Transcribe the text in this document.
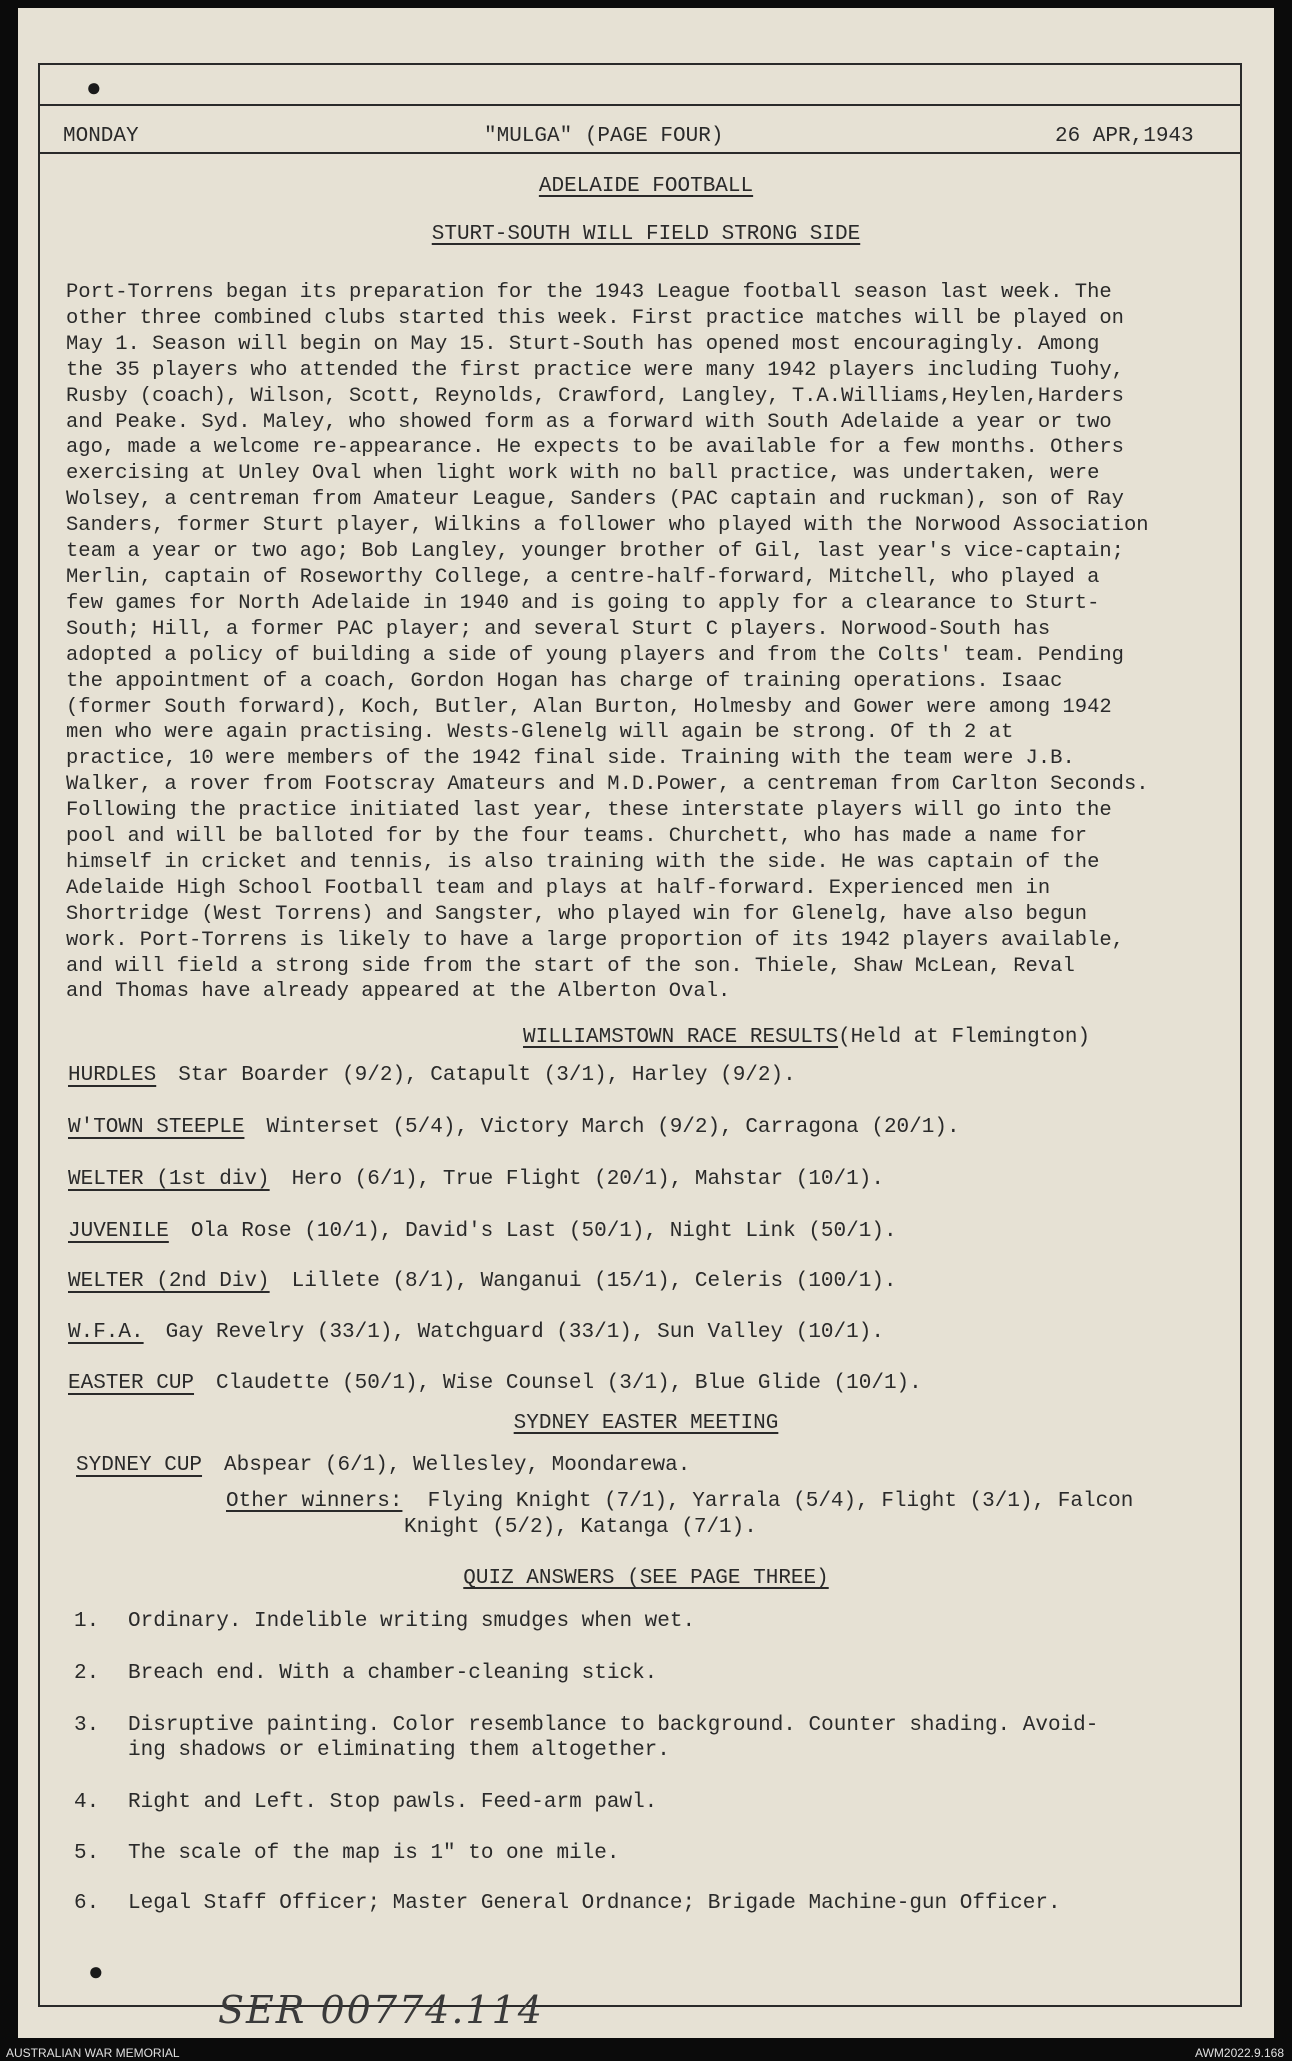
●
MONDAY	"MULGA" (PAGE FOUR)	26 APR,1943
ADELAIDE FOOTBALL
STURT-SOUTH WILL FIELD STRONG SIDE
Port-Torrens began its preparation for the 1943 League football season last week. The
other three combined clubs started this week. First practice matches will be played on
May 1. Season will begin on May 15. Sturt-South has opened most encouragingly. Among
the 35 players who attended the first practice were many 1942 players including Tuohy,
Rusby (coach), Wilson, Scott, Reynolds, Crawford, Langley, T.A.Williams,Heylen,Harders
and Peake. Syd. Maley, who showed form as a forward with South Adelaide a year or two
ago, made a welcome re-appearance. He expects to be available for a few months. Others
exercising at Unley Oval when light work with no ball practice, was undertaken, were
Wolsey, a centreman from Amateur League, Sanders (PAC captain and ruckman), son of Ray
Sanders, former Sturt player, Wilkins a follower who played with the Norwood Association
team a year or two ago; Bob Langley, younger brother of Gil, last year's vice-captain;
Merlin, captain of Roseworthy College, a centre-half-forward, Mitchell, who played a
few games for North Adelaide in 1940 and is going to apply for a clearance to Sturt-
South; Hill, a former PAC player; and several Sturt C players. Norwood-South has
adopted a policy of building a side of young players and from the Colts' team. Pending
the appointment of a coach, Gordon Hogan has charge of training operations. Isaac
(former South forward), Koch, Butler, Alan Burton, Holmesby and Gower were among 1942
men who were again practising. Wests-Glenelg will again be strong. Of th 2 at
practice, 10 were members of the 1942 final side. Training with the team were J.B.
Walker, a rover from Footscray Amateurs and M.D.Power, a centreman from Carlton Seconds.
Following the practice initiated last year, these interstate players will go into the
pool and will be balloted for by the four teams. Churchett, who has made a name for
himself in cricket and tennis, is also training with the side. He was captain of the
Adelaide High School Football team and plays at half-forward. Experienced men in
Shortridge (West Torrens) and Sangster, who played win for Glenelg, have also begun
work. Port-Torrens is likely to have a large proportion of its 1942 players available,
and will field a strong side from the start of the son. Thiele, Shaw McLean, Reval
and Thomas have already appeared at the Alberton Oval.
WILLIAMSTOWN RACE RESULTS(Held at Flemington)
HURDLES Star Boarder (9/2), Catapult (3/1), Harley (9/2).
W'TOWN STEEPLE Winterset (5/4), Victory March (9/2), Carragona (20/1).
WELTER (1st div) Hero (6/1), True Flight (20/1), Mahstar (10/1).
JUVENILE Ola Rose (10/1), David's Last (50/1), Night Link (50/1).
WELTER (2nd Div) Lillete (8/1), Wanganui (15/1), Celeris (100/1).
W.F.A. Gay Revelry (33/1), Watchguard (33/1), Sun Valley (10/1).
EASTER CUP Claudette (50/1), Wise Counsel (3/1), Blue Glide (10/1).
SYDNEY EASTER MEETING
SYDNEY CUP Abspear (6/1), Wellesley, Moondarewa.
Other winners: Flying Knight (7/1), Yarrala (5/4), Flight (3/1), Falcon
Knight (5/2), Katanga (7/1).
QUIZ ANSWERS (SEE PAGE THREE)
1. Ordinary. Indelible writing smudges when wet.
2. Breach end. With a chamber-cleaning stick.
3. Disruptive painting. Color resemblance to background. Counter shading. Avoid-
ing shadows or eliminating them altogether.
4. Right and Left. Stop pawls. Feed-arm pawl.
5. The scale of the map is 1" to one mile.
6. Legal Staff Officer; Master General Ordnance; Brigade Machine-gun Officer.
SER 00774.114
●
AUSTRALIAN WAR MEMORIAL	AWM2022.9.168
